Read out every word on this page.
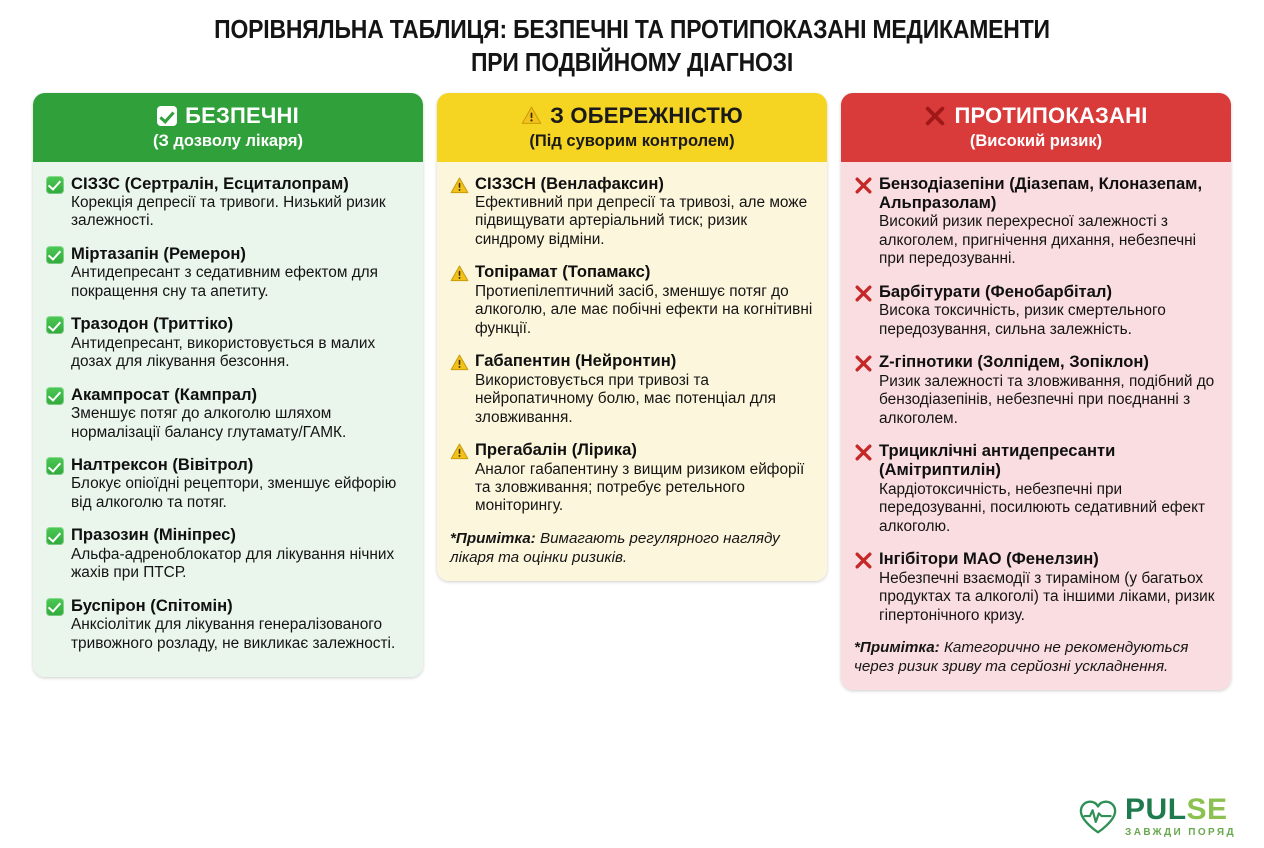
ПОРІВНЯЛЬНА ТАБЛИЦЯ: БЕЗПЕЧНІ ТА ПРОТИПОКАЗАНІ МЕДИКАМЕНТИ
ПРИ ПОДВІЙНОМУ ДІАГНОЗІ
БЕЗПЕЧНІ
(З дозволу лікаря)
СІЗЗС (Сертралін, Есциталопрам)
Корекція депресії та тривоги. Низький ризик залежності.
Міртазапін (Ремерон)
Антидепресант з седативним ефектом для покращення сну та апетиту.
Тразодон (Триттіко)
Антидепресант, використовується в малих дозах для лікування безсоння.
Акампросат (Кампрал)
Зменшує потяг до алкоголю шляхом нормалізації балансу глутамату/ГАМК.
Налтрексон (Вівітрол)
Блокує опіоїдні рецептори, зменшує ейфорію від алкоголю та потяг.
Празозин (Мініпрес)
Альфа-адреноблокатор для лікування нічних жахів при ПТСР.
Буспірон (Спітомін)
Анксіолітик для лікування генералізованого тривожного розладу, не викликає залежності.
З ОБЕРЕЖНІСТЮ
(Під суворим контролем)
СІЗЗСН (Венлафаксин)
Ефективний при депресії та тривозі, але може підвищувати артеріальний тиск; ризик синдрому відміни.
Топірамат (Топамакс)
Протиепілептичний засіб, зменшує потяг до алкоголю, але має побічні ефекти на когнітивні функції.
Габапентин (Нейронтин)
Використовується при тривозі та нейропатичному болю, має потенціал для зловживання.
Прегабалін (Лірика)
Аналог габапентину з вищим ризиком ейфорії та зловживання; потребує ретельного моніторингу.
*Примітка: Вимагають регулярного нагляду лікаря та оцінки ризиків.
ПРОТИПОКАЗАНІ
(Високий ризик)
Бензодіазепіни (Діазепам, Клоназепам, Альпразолам)
Високий ризик перехресної залежності з алкоголем, пригнічення дихання, небезпечні при передозуванні.
Барбітурати (Фенобарбітал)
Висока токсичність, ризик смертельного передозування, сильна залежність.
Z-гіпнотики (Золпідем, Зопіклон)
Ризик залежності та зловживання, подібний до бензодіазепінів, небезпечні при поєднанні з алкоголем.
Трициклічні антидепресанти (Амітриптилін)
Кардіотоксичність, небезпечні при передозуванні, посилюють седативний ефект алкоголю.
Інгібітори МАО (Фенелзин)
Небезпечні взаємодії з тираміном (у багатьох продуктах та алкоголі) та іншими ліками, ризик гіпертонічного кризу.
*Примітка: Категорично не рекомендуються через ризик зриву та серйозні ускладнення.
PULSE
ЗАВЖДИ ПОРЯД
